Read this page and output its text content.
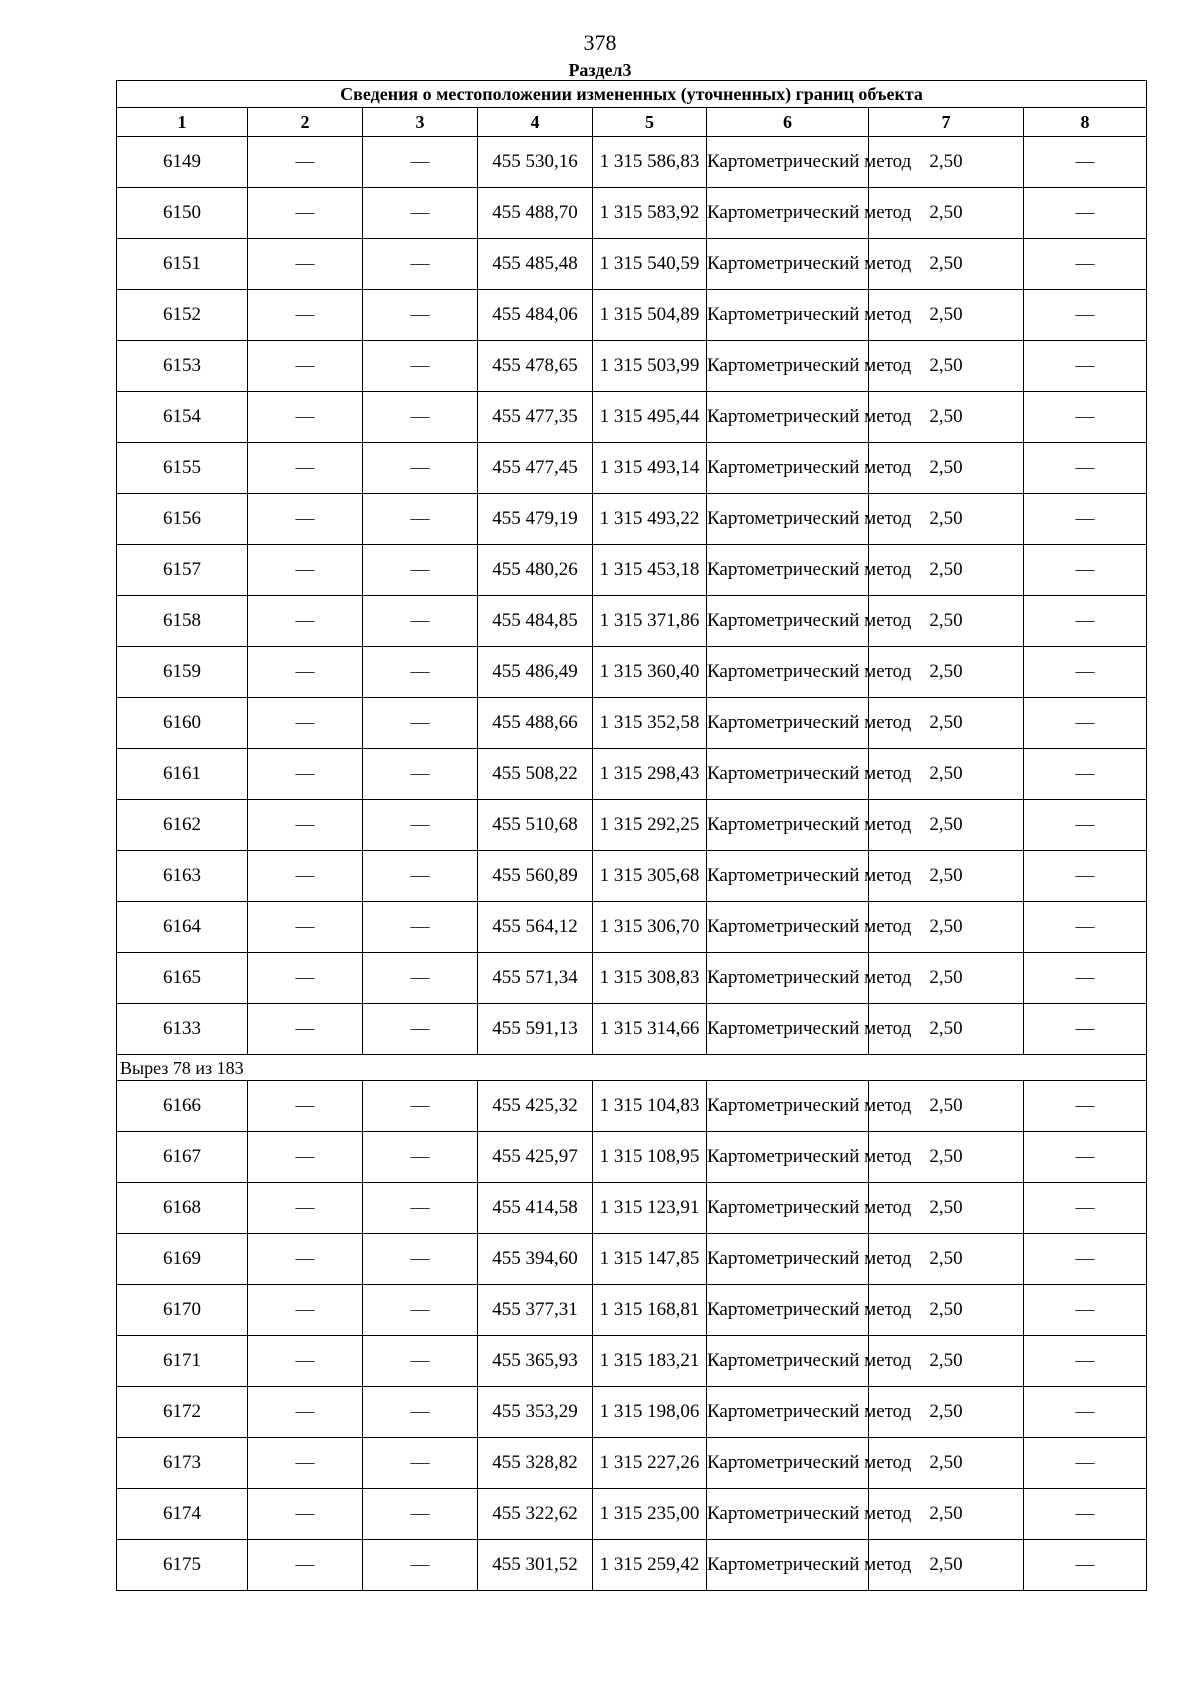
378
Раздел3
Сведения о местоположении измененных (уточненных) границ объекта							
1	2	3	4	5	6	7	8
6149	—	—	455 530,16	1 315 586,83	Картометрический метод	2,50	—
6150	—	—	455 488,70	1 315 583,92	Картометрический метод	2,50	—
6151	—	—	455 485,48	1 315 540,59	Картометрический метод	2,50	—
6152	—	—	455 484,06	1 315 504,89	Картометрический метод	2,50	—
6153	—	—	455 478,65	1 315 503,99	Картометрический метод	2,50	—
6154	—	—	455 477,35	1 315 495,44	Картометрический метод	2,50	—
6155	—	—	455 477,45	1 315 493,14	Картометрический метод	2,50	—
6156	—	—	455 479,19	1 315 493,22	Картометрический метод	2,50	—
6157	—	—	455 480,26	1 315 453,18	Картометрический метод	2,50	—
6158	—	—	455 484,85	1 315 371,86	Картометрический метод	2,50	—
6159	—	—	455 486,49	1 315 360,40	Картометрический метод	2,50	—
6160	—	—	455 488,66	1 315 352,58	Картометрический метод	2,50	—
6161	—	—	455 508,22	1 315 298,43	Картометрический метод	2,50	—
6162	—	—	455 510,68	1 315 292,25	Картометрический метод	2,50	—
6163	—	—	455 560,89	1 315 305,68	Картометрический метод	2,50	—
6164	—	—	455 564,12	1 315 306,70	Картометрический метод	2,50	—
6165	—	—	455 571,34	1 315 308,83	Картометрический метод	2,50	—
6133	—	—	455 591,13	1 315 314,66	Картометрический метод	2,50	—
Вырез 78 из 183							
6166	—	—	455 425,32	1 315 104,83	Картометрический метод	2,50	—
6167	—	—	455 425,97	1 315 108,95	Картометрический метод	2,50	—
6168	—	—	455 414,58	1 315 123,91	Картометрический метод	2,50	—
6169	—	—	455 394,60	1 315 147,85	Картометрический метод	2,50	—
6170	—	—	455 377,31	1 315 168,81	Картометрический метод	2,50	—
6171	—	—	455 365,93	1 315 183,21	Картометрический метод	2,50	—
6172	—	—	455 353,29	1 315 198,06	Картометрический метод	2,50	—
6173	—	—	455 328,82	1 315 227,26	Картометрический метод	2,50	—
6174	—	—	455 322,62	1 315 235,00	Картометрический метод	2,50	—
6175	—	—	455 301,52	1 315 259,42	Картометрический метод	2,50	—
